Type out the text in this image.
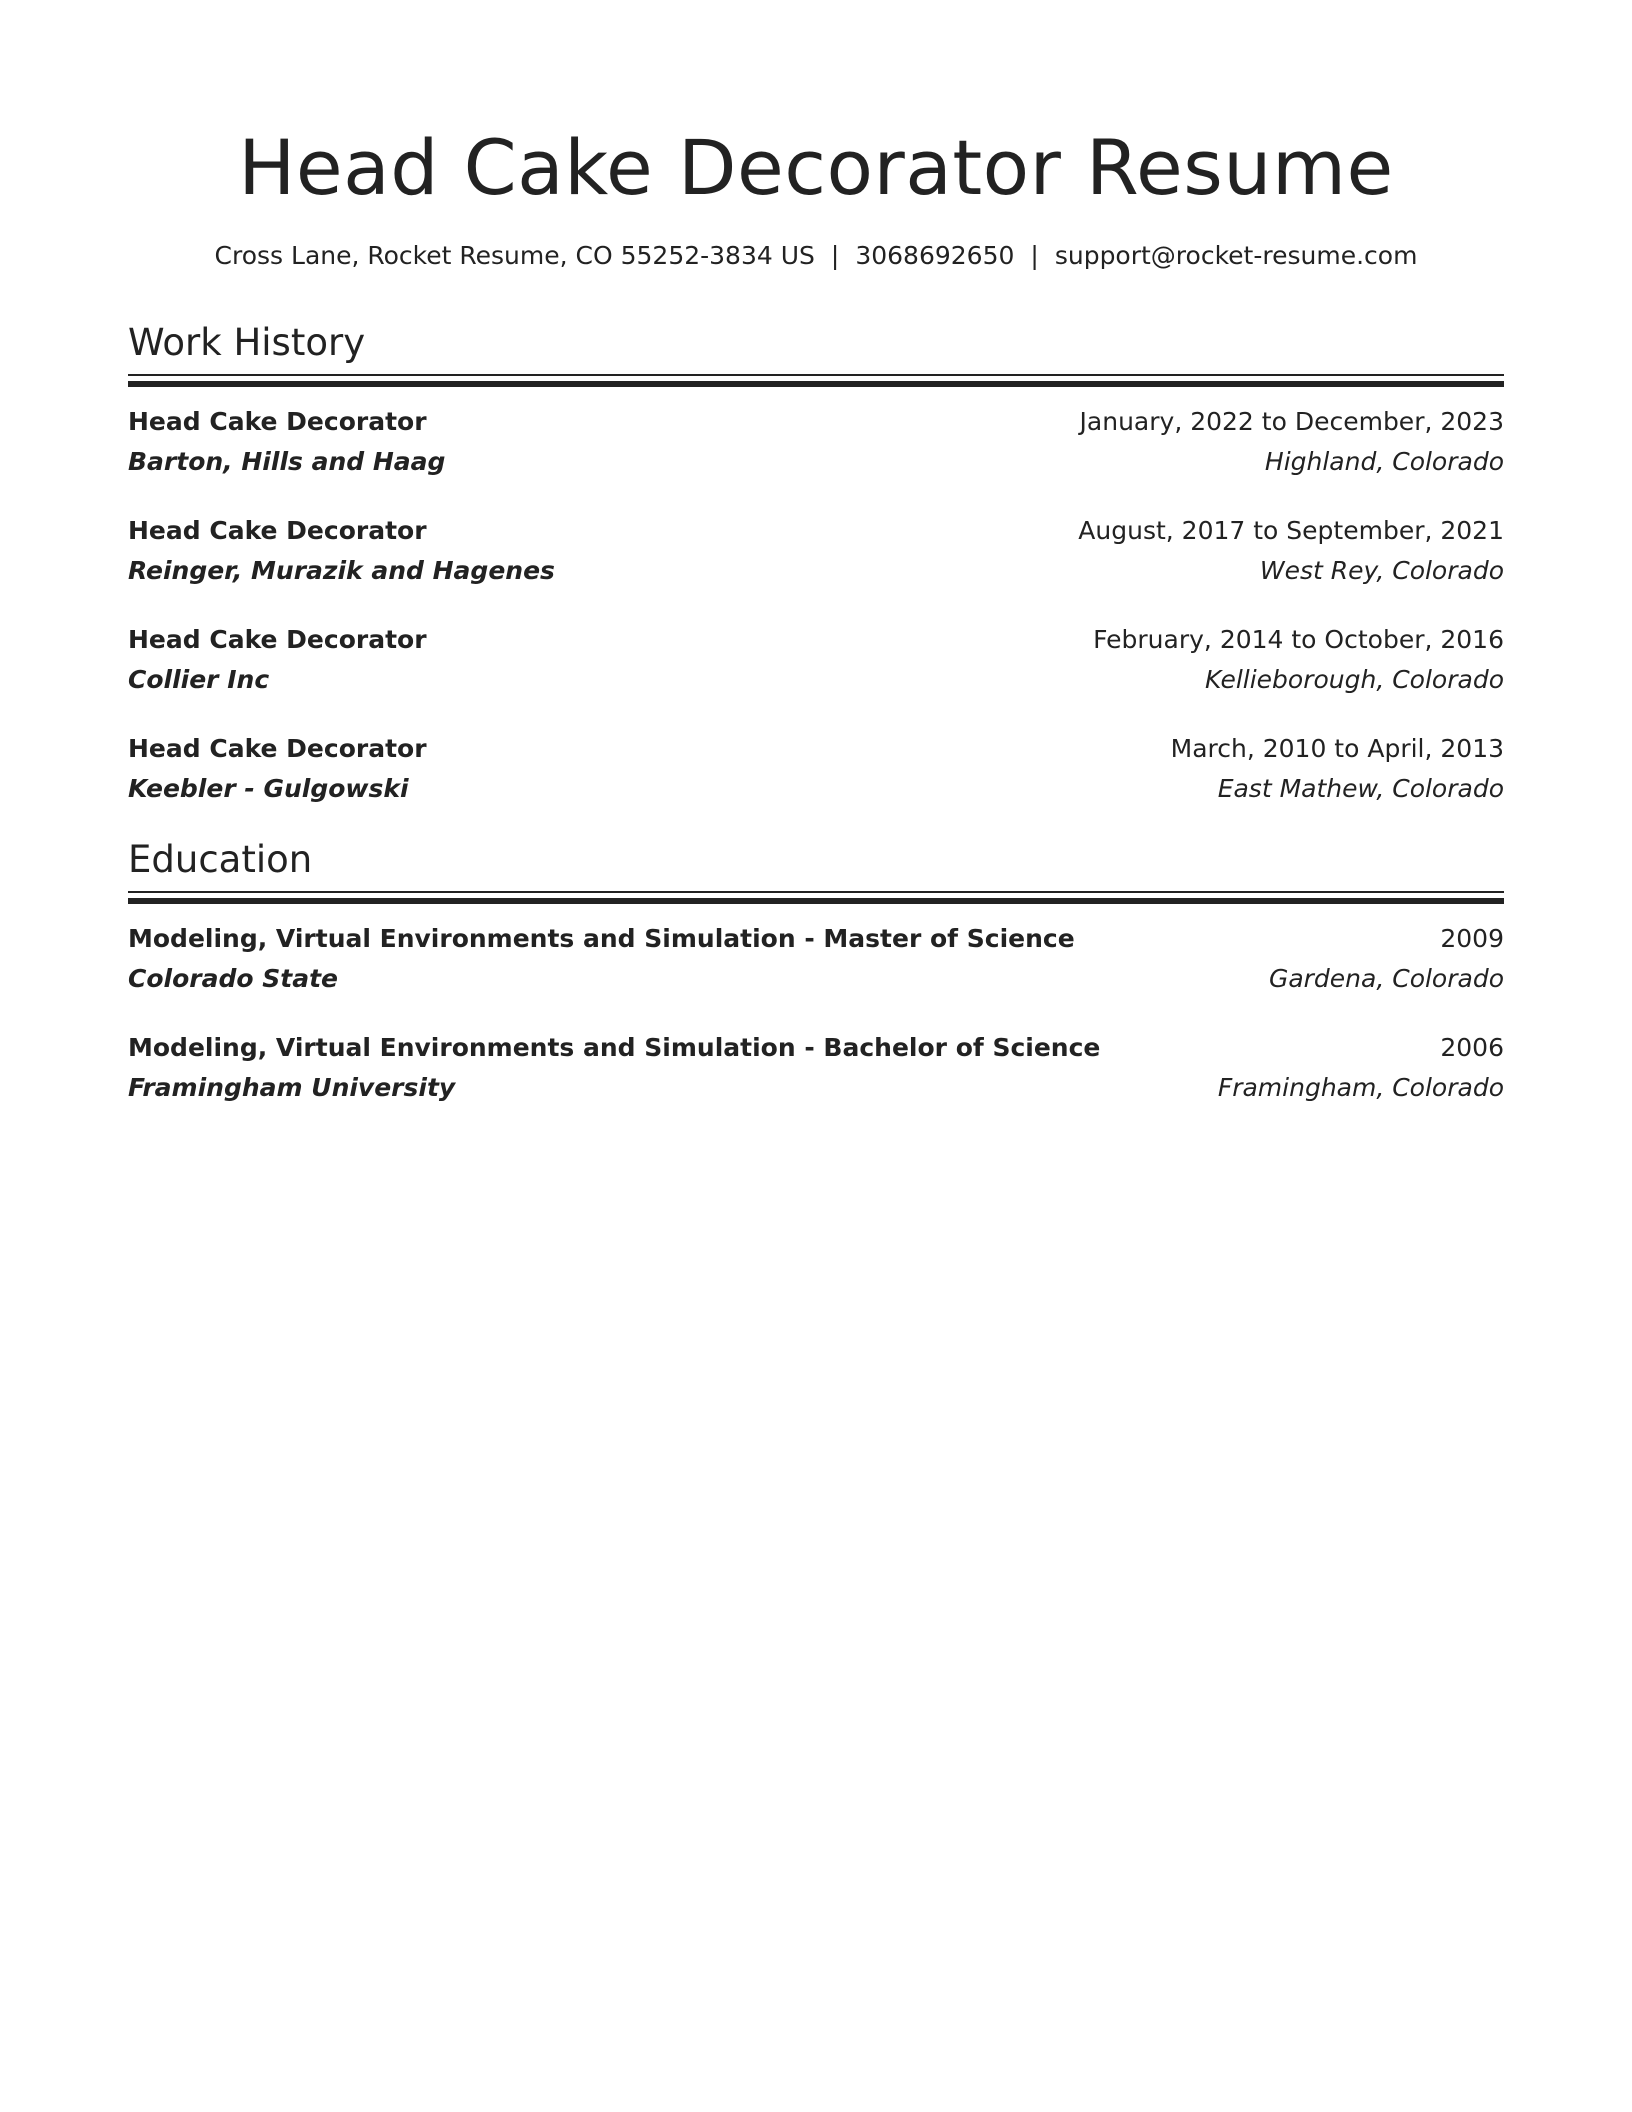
Head Cake Decorator Resume
Cross Lane, Rocket Resume, CO 55252-3834 US | 3068692650 | support@rocket-resume.com
Work History
Head Cake Decorator	January, 2022 to December, 2023
Barton, Hills and Haag	Highland, Colorado
Head Cake Decorator	August, 2017 to September, 2021
Reinger, Murazik and Hagenes	West Rey, Colorado
Head Cake Decorator	February, 2014 to October, 2016
Collier Inc	Kellieborough, Colorado
Head Cake Decorator	March, 2010 to April, 2013
Keebler - Gulgowski	East Mathew, Colorado
Education
Modeling, Virtual Environments and Simulation - Master of Science	2009
Colorado State	Gardena, Colorado
Modeling, Virtual Environments and Simulation - Bachelor of Science	2006
Framingham University	Framingham, Colorado
